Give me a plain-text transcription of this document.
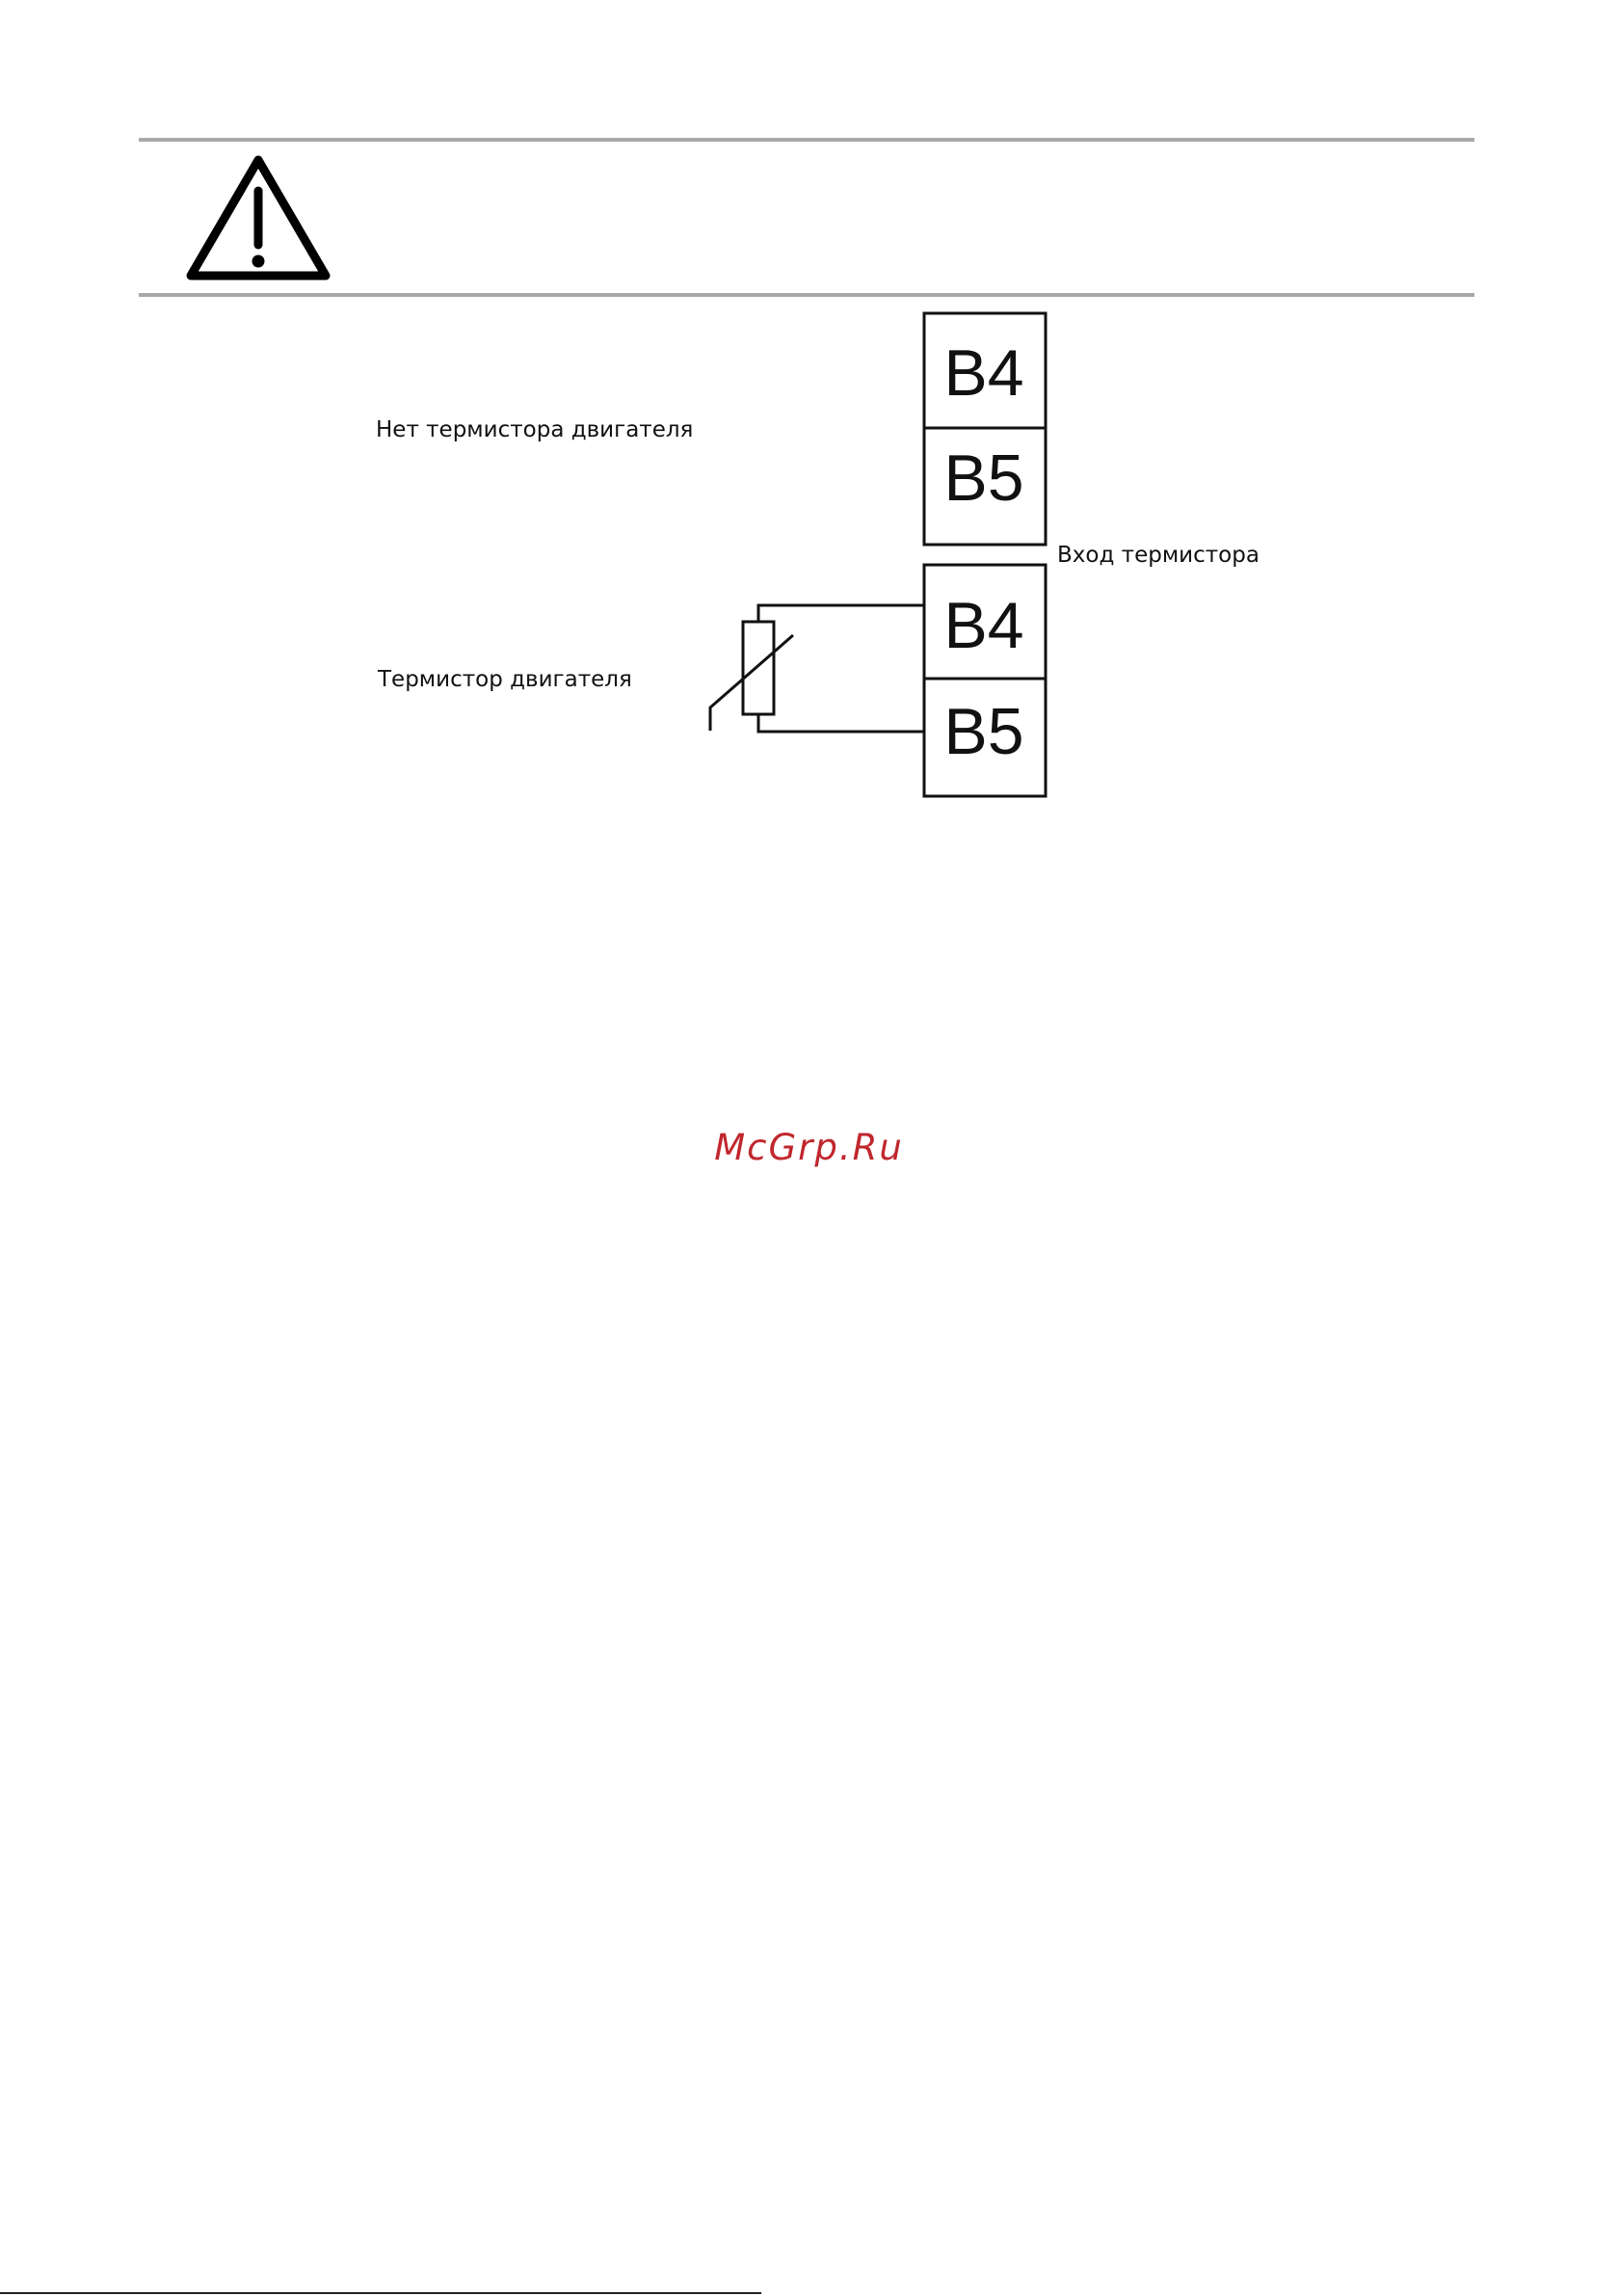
B4
B5
B4
B5
Нет термистора двигателя
Вход термистора
Термистор двигателя
McGrp.Ru
